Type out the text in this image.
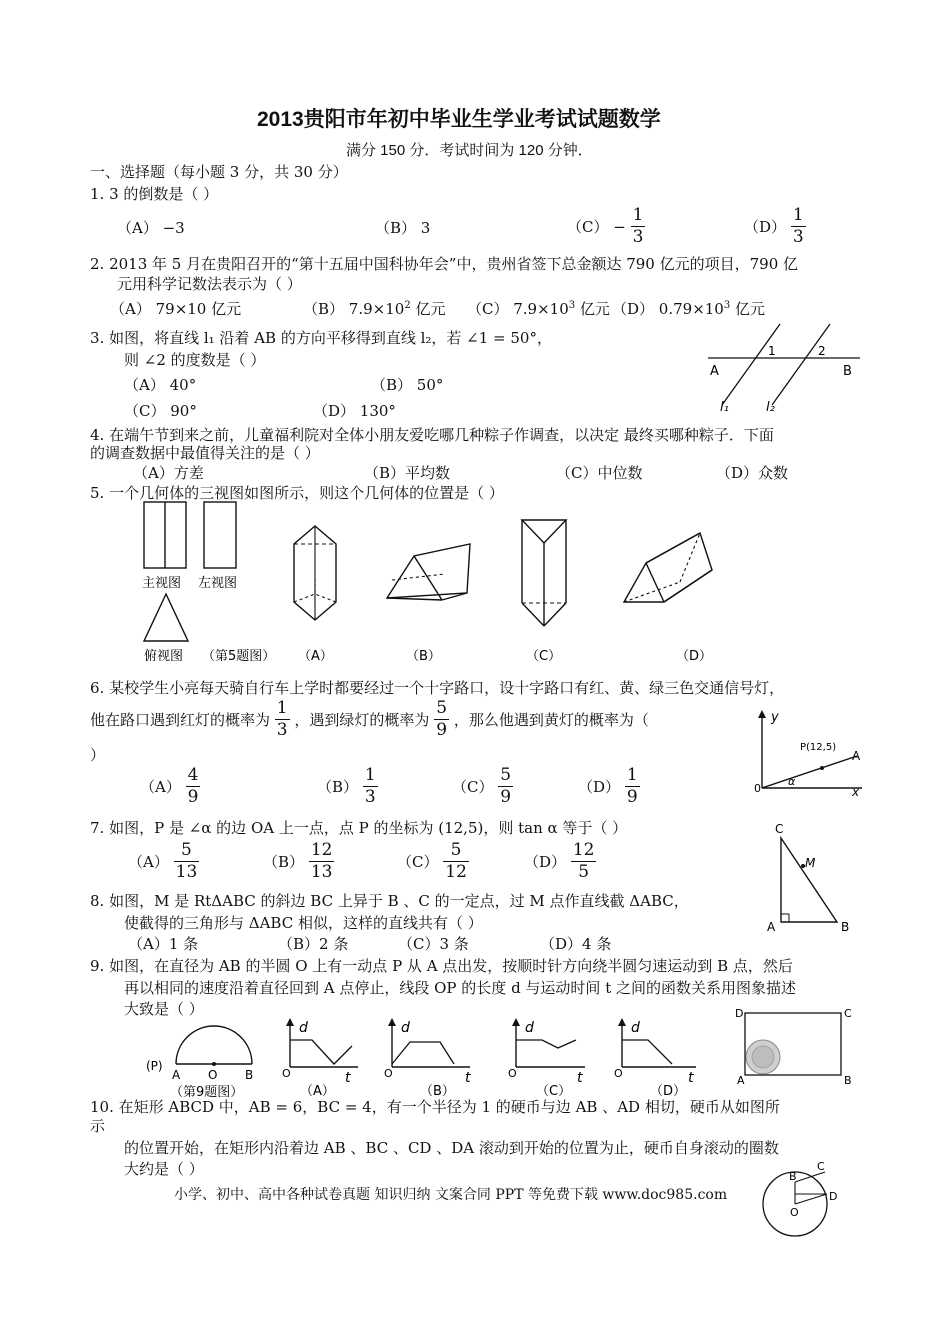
2013贵阳市年初中毕业生学业考试试题数学
满分 150 分．考试时间为 120 分钟．
一、选择题（每小题 3 分，共 30 分）
1. 3 的倒数是（ ）
（A） −3	（B） 3	$(C) - \frac{1}{3}$	$(D) \frac{1}{3}$
2. 2013 年 5 月在贵阳召开的“第十五届中国科协年会”中，贵州省签下总金额达 790 亿元的项目，790 亿
元用科学记数法表示为（ ）
（A） 79×10 亿元	（B） $7.9\times 10^2$ 亿元 （C） $7.9\times 10^3$ 亿元 （D） $0.79\times 10^3$ 亿元
3. 如图，将直线 l₁ 沿着 AB 的方向平移得到直线 l₂，若 ∠1 = 50°，
则 ∠2 的度数是（ ）
（A） 40°	（B） 50°
（C） 90°	（D） 130°
A	B
1	2
l₁	l₂
4. 在端午节到来之前，儿童福利院对全体小朋友爱吃哪几种粽子作调查，以决定 最终买哪种粽子．下面
的调查数据中最值得关注的是（ ）
（A）方差	（B）平均数	（C）中位数	（D）众数
5. 一个几何体的三视图如图所示，则这个几何体的位置是（ ）
主视图 左视图
俯视图 （第5题图） （A）	（B）	（C）	（D）
6. 某校学生小亮每天骑自行车上学时都要经过一个十字路口，设十字路口有红、黄、绿三色交通信号灯，
他在路口遇到红灯的概率为 $\frac{1}{3}$ ，遇到绿灯的概率为 $\frac{5}{9}$ ，那么他遇到黄灯的概率为（
）
$(A) \frac{4}{9}$	$(B) \frac{1}{3}$	$(C) \frac{5}{9}$	$(D) \frac{1}{9}$
y
P(12,5)
A
0
α
x
7. 如图，P 是 ∠α 的边 OA 上一点，点 P 的坐标为 (12,5)，则 tan α 等于（ ）
$(A) \frac{5}{13}$	$(B) \frac{12}{13}$	$(C) \frac{5}{12}$	$(D) \frac{12}{5}$
C
M
A	B
8. 如图，M 是 RtΔABC 的斜边 BC 上异于 B 、C 的一定点，过 M 点作直线截 ΔABC，
使截得的三角形与 ΔABC 相似，这样的直线共有（ ）
（A）1 条	（B）2 条	（C）3 条	（D）4 条
9. 如图，在直径为 AB 的半圆 O 上有一动点 P 从 A 点出发，按顺时针方向绕半圆匀速运动到 B 点，然后
再以相同的速度沿着直径回到 A 点停止，线段 OP 的长度 d 与运动时间 t 之间的函数关系用图象描述
大致是（ ）
(P)
A O B
（第9题图）
d
O	t
（A）
d
O	t
（B）
d
O	t
（C）
d
O	t
（D）
D	C
A	B
10. 在矩形 ABCD 中，AB = 6，BC = 4，有一个半径为 1 的硬币与边 AB 、AD 相切，硬币从如图所
示
的位置开始，在矩形内沿着边 AB 、BC 、CD 、DA 滚动到开始的位置为止，硬币自身滚动的圈数
大约是（ ）	B
C
O
D
小学、初中、高中各种试卷真题 知识归纳 文案合同 PPT 等免费下载 www.doc985.com
